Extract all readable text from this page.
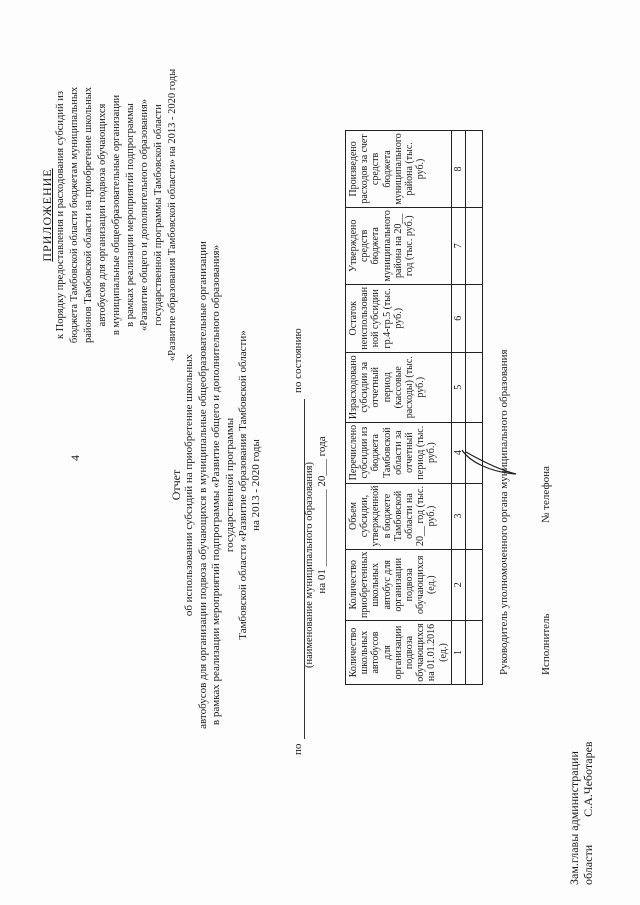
4
ПРИЛОЖЕНИЕ к Порядку предоставления и расходования субсидий из бюджета Тамбовской области бюджетам муниципальных районов Тамбовской области на приобретение школьных автобусов для организации подвоза обучающихся в муниципальные общеобразовательные организации в рамках реализации мероприятий подпрограммы «Развитие общего и дополнительного образования» государственной программы Тамбовской области «Развитие образования Тамбовской области» на 2013 - 2020 годы
Отчет об использовании субсидий на приобретение школьных автобусов для организации подвоза обучающихся в муниципальные общеобразовательные организации в рамках реализации мероприятий подпрограммы «Развитие общего и дополнительного образования» государственной программы Тамбовской области «Развитие образования Тамбовской области» на 2013 - 2020 годы
по
по состоянию
(наименование муниципального образования) на 01 ______________ 20___ года
Количество школьных автобусов для организации подвоза обучающихся на 01.01.2016 (ед.)	Количество приобретенных школьных автобус для организации подвоза обучающихся (ед.)	Объем субсидии, утвержденной в бюджете Тамбовской области на 20__ год (тыс. руб.)	Перечислено субсидии из бюджета Тамбовской области за отчетный период (тыс. руб.)	Израсходовано субсидии за отчетный период (кассовые расходы) (тыс. руб.)	Остаток неиспользован ной субсидии гр.4-гр.5 (тыс. руб.)	Утверждено средств бюджета муниципального района на 20__ год (тыс. руб.)	Произведено расходов за счет средств бюджета муниципального района (тыс. руб.)
1	2	3	4	5	6	7	8

Руководитель уполномоченного органа муниципального образования	Исполнитель
№ телефона
Зам.главы администрации области  С.А.Чеботарев
